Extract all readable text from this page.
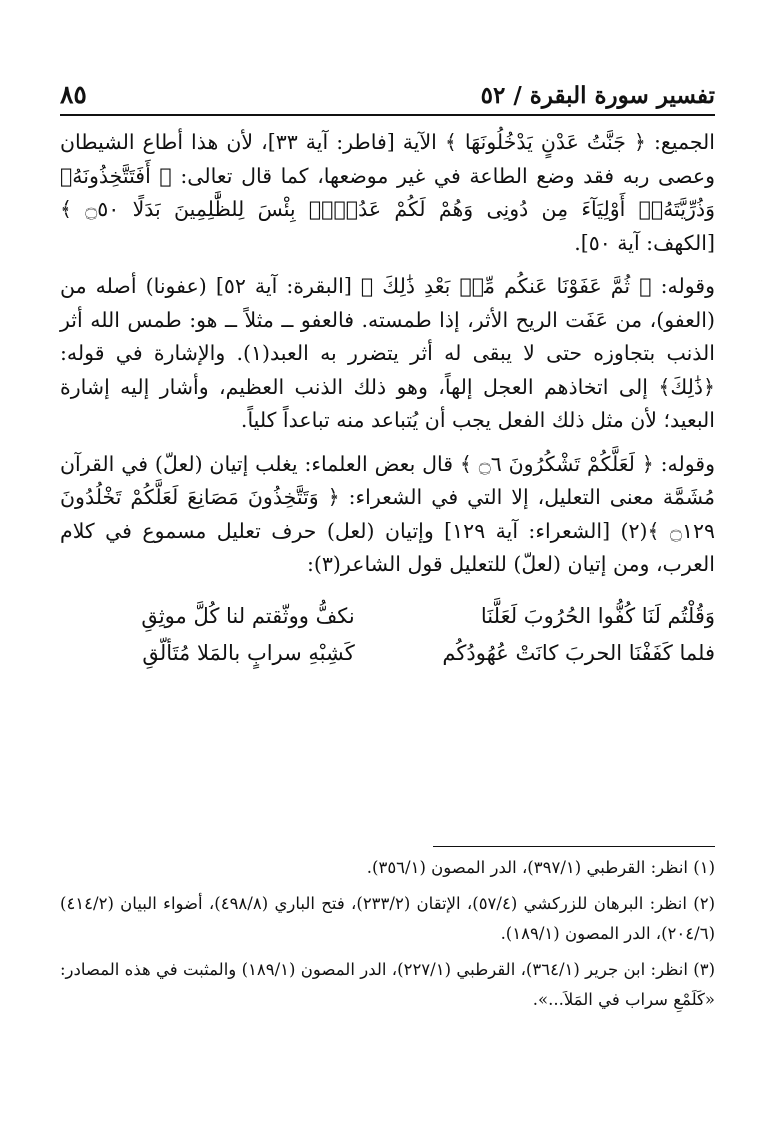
تفسير سورة البقرة / ٥٢
٨٥

الجميع: ﴿ جَنَّتُ عَدْنٍ يَدْخُلُونَهَا ﴾ الآية [فاطر: آية ٣٣]، لأن هذا أطاع الشيطان وعصى ربه فقد وضع الطاعة في غير موضعها، كما قال تعالى: ﴿ أَفَتَتَّخِذُونَهُۥ وَذُرِّيَّتَهُۥٓ أَوْلِيَآءَ مِن دُونِى وَهُمْ لَكُمْ عَدُوٌّۢ بِئْسَ لِلظَّٰلِمِينَ بَدَلًا ۝٥٠ ﴾ [الكهف: آية ٥٠].

وقوله: ﴿ ثُمَّ عَفَوْنَا عَنكُم مِّنۢ بَعْدِ ذَٰلِكَ ﴾ [البقرة: آية ٥٢] (عفونا) أصله من (العفو)، من عَفَت الريح الأثر، إذا طمسته. فالعفو ــ مثلاً ــ هو: طمس الله أثر الذنب بتجاوزه حتى لا يبقى له أثر يتضرر به العبد(١). والإشارة في قوله: ﴿ذَٰلِكَ﴾ إلى اتخاذهم العجل إلهاً، وهو ذلك الذنب العظيم، وأشار إليه إشارة البعيد؛ لأن مثل ذلك الفعل يجب أن يُتباعد منه تباعداً كلياً.

وقوله: ﴿ لَعَلَّكُمْ تَشْكُرُونَ ۝٦ ﴾ قال بعض العلماء: يغلب إتيان (لعلّ) في القرآن مُشَمَّة معنى التعليل، إلا التي في الشعراء: ﴿ وَتَتَّخِذُونَ مَصَانِعَ لَعَلَّكُمْ تَخْلُدُونَ ۝١٢٩ ﴾(٢) [الشعراء: آية ١٢٩] وإتيان (لعل) حرف تعليل مسموع في كلام العرب، ومن إتيان (لعلّ) للتعليل قول الشاعر(٣):

وَقُلْتُم لَنَا كُفُّوا الحُرُوبَ لَعَلَّنَا
نكفُّ ووثّقتم لنا كُلَّ موثِقِ
فلما كَفَفْنَا الحربَ كانَتْ عُهُودُكُم
كَشِبْهِ سرابٍ بالمَلا مُتَألّقِ

(١) انظر: القرطبي (٣٩٧/١)، الدر المصون (٣٥٦/١).

(٢) انظر: البرهان للزركشي (٥٧/٤)، الإتقان (٢٣٣/٢)، فتح الباري (٤٩٨/٨)، أضواء البيان (٤١٤/٢) (٢٠٤/٦)، الدر المصون (١٨٩/١).

(٣) انظر: ابن جرير (٣٦٤/١)، القرطبي (٢٢٧/١)، الدر المصون (١٨٩/١) والمثبت في هذه المصادر: «كَلَمْعِ سراب في المَلاَ...».
